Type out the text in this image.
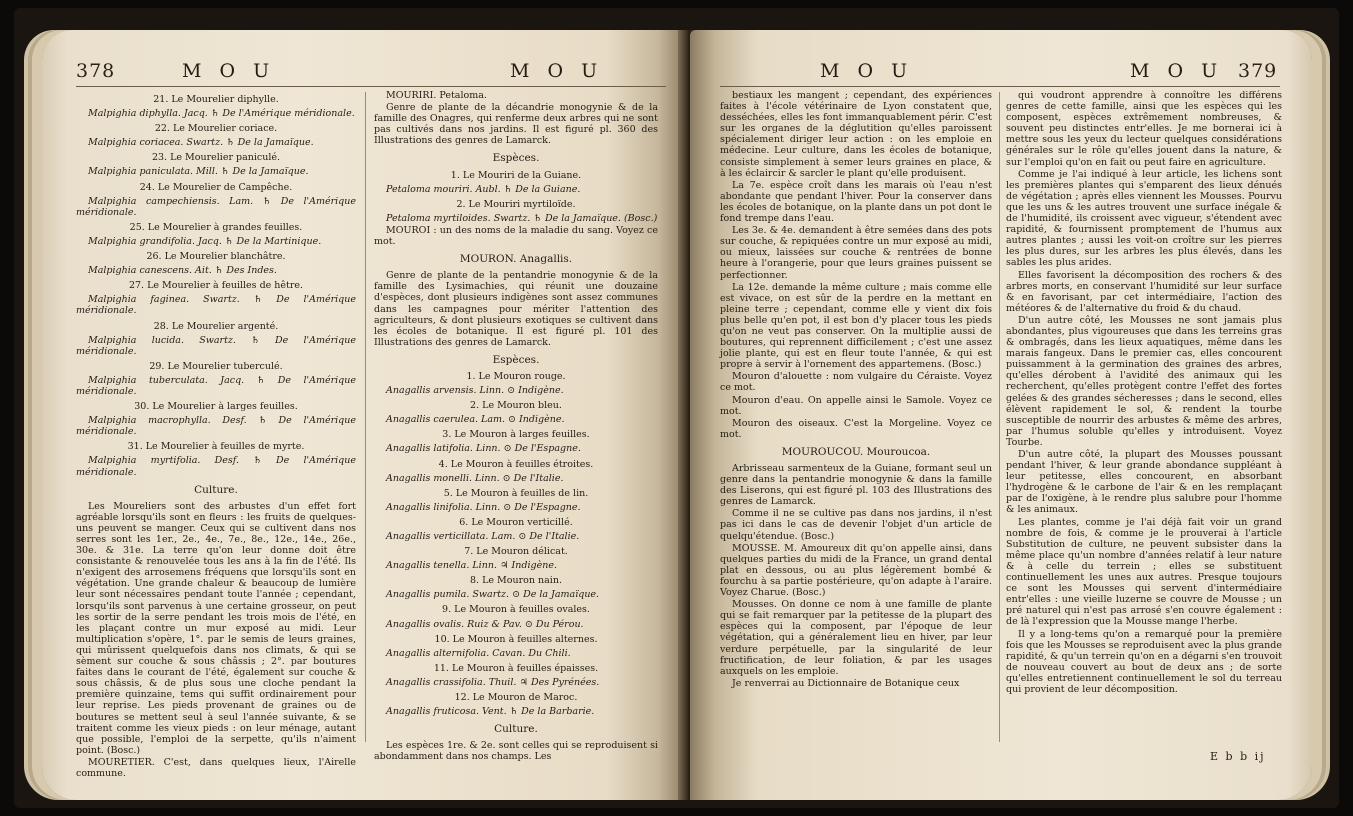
378	M O U	M O U

21. Le Mourelier diphylle.

Malpighia diphylla. Jacq. ♄ De l'Amérique méridionale.

22. Le Mourelier coriace.

Malpighia coriacea. Swartz. ♄ De la Jamaïque.

23. Le Mourelier paniculé.

Malpighia paniculata. Mill. ♄ De la Jamaïque.

24. Le Mourelier de Campêche.

Malpighia campechiensis. Lam. ♄ De l'Amérique méridionale.

25. Le Mourelier à grandes feuilles.

Malpighia grandifolia. Jacq. ♄ De la Martinique.

26. Le Mourelier blanchâtre.

Malpighia canescens. Ait. ♄ Des Indes.

27. Le Mourelier à feuilles de hêtre.

Malpighia faginea. Swartz. ♄ De l'Amérique méridionale.

28. Le Mourelier argenté.

Malpighia lucida. Swartz. ♄ De l'Amérique méridionale.

29. Le Mourelier tuberculé.

Malpighia tuberculata. Jacq. ♄ De l'Amérique méridionale.

30. Le Mourelier à larges feuilles.

Malpighia macrophylla. Desf. ♄ De l'Amérique méridionale.

31. Le Mourelier à feuilles de myrte.

Malpighia myrtifolia. Desf. ♄ De l'Amérique méridionale.

Culture.

Les Moureliers sont des arbustes d'un effet fort agréable lorsqu'ils sont en fleurs : les fruits de quelques-uns peuvent se manger. Ceux qui se cultivent dans nos serres sont les 1er., 2e., 4e., 7e., 8e., 12e., 14e., 26e., 30e. & 31e. La terre qu'on leur donne doit être consistante & renouvelée tous les ans à la fin de l'été. Ils n'exigent des arrosemens fréquens que lorsqu'ils sont en végétation. Une grande chaleur & beaucoup de lumière leur sont nécessaires pendant toute l'année ; cependant, lorsqu'ils sont parvenus à une certaine grosseur, on peut les sortir de la serre pendant les trois mois de l'été, en les plaçant contre un mur exposé au midi. Leur multiplication s'opère, 1°. par le semis de leurs graines, qui mûrissent quelquefois dans nos climats, & qui se sèment sur couche & sous châssis ; 2°. par boutures faites dans le courant de l'été, également sur couche & sous châssis, & de plus sous une cloche pendant la première quinzaine, tems qui suffit ordinairement pour leur reprise. Les pieds provenant de graines ou de boutures se mettent seul à seul l'année suivante, & se traitent comme les vieux pieds : on leur ménage, autant que possible, l'emploi de la serpette, qu'ils n'aiment point. (Bosc.)

MOURETIER. C'est, dans quelques lieux, l'Airelle commune.

MOURIRI. Petaloma.

Genre de plante de la décandrie monogynie & de la famille des Onagres, qui renferme deux arbres qui ne sont pas cultivés dans nos jardins. Il est figuré pl. 360 des Illustrations des genres de Lamarck.

Espèces.

1. Le Mouriri de la Guiane.

Petaloma mouriri. Aubl. ♄ De la Guiane.

2. Le Mouriri myrtiloïde.

Petaloma myrtiloides. Swartz. ♄ De la Jamaïque. (Bosc.)

MOUROI : un des noms de la maladie du sang. Voyez ce mot.

MOURON. Anagallis.

Genre de plante de la pentandrie monogynie & de la famille des Lysimachies, qui réunit une douzaine d'espèces, dont plusieurs indigènes sont assez communes dans les campagnes pour mériter l'attention des agriculteurs, & dont plusieurs exotiques se cultivent dans les écoles de botanique. Il est figuré pl. 101 des Illustrations des genres de Lamarck.

Espèces.

1. Le Mouron rouge.

Anagallis arvensis. Linn. ⊙ Indigène.

2. Le Mouron bleu.

Anagallis caerulea. Lam. ⊙ Indigène.

3. Le Mouron à larges feuilles.

Anagallis latifolia. Linn. ⊙ De l'Espagne.

4. Le Mouron à feuilles étroites.

Anagallis monelli. Linn. ⊙ De l'Italie.

5. Le Mouron à feuilles de lin.

Anagallis linifolia. Linn. ⊙ De l'Espagne.

6. Le Mouron verticillé.

Anagallis verticillata. Lam. ⊙ De l'Italie.

7. Le Mouron délicat.

Anagallis tenella. Linn. ♃ Indigène.

8. Le Mouron nain.

Anagallis pumila. Swartz. ⊙ De la Jamaïque.

9. Le Mouron à feuilles ovales.

Anagallis ovalis. Ruiz & Pav. ⊙ Du Pérou.

10. Le Mouron à feuilles alternes.

Anagallis alternifolia. Cavan. Du Chili.

11. Le Mouron à feuilles épaisses.

Anagallis crassifolia. Thuil. ♃ Des Pyrénées.

12. Le Mouron de Maroc.

Anagallis fruticosa. Vent. ♄ De la Barbarie.

Culture.

Les espèces 1re. & 2e. sont celles qui se reproduisent si abondamment dans nos champs. Les

M O U	M O U 379

bestiaux les mangent ; cependant, des expériences faites à l'école vétérinaire de Lyon constatent que, desséchées, elles les font immanquablement périr. C'est sur les organes de la déglutition qu'elles paroissent spécialement diriger leur action : on les emploie en médecine. Leur culture, dans les écoles de botanique, consiste simplement à semer leurs graines en place, & à les éclaircir & sarcler le plant qu'elle produisent.

La 7e. espèce croît dans les marais où l'eau n'est abondante que pendant l'hiver. Pour la conserver dans les écoles de botanique, on la plante dans un pot dont le fond trempe dans l'eau.

Les 3e. & 4e. demandent à être semées dans des pots sur couche, & repiquées contre un mur exposé au midi, ou mieux, laissées sur couche & rentrées de bonne heure à l'orangerie, pour que leurs graines puissent se perfectionner.

La 12e. demande la même culture ; mais comme elle est vivace, on est sûr de la perdre en la mettant en pleine terre ; cependant, comme elle y vient dix fois plus belle qu'en pot, il est bon d'y placer tous les pieds qu'on ne veut pas conserver. On la multiplie aussi de boutures, qui reprennent difficilement ; c'est une assez jolie plante, qui est en fleur toute l'année, & qui est propre à servir à l'ornement des appartemens. (Bosc.)

Mouron d'alouette : nom vulgaire du Céraiste. Voyez ce mot.

Mouron d'eau. On appelle ainsi le Samole. Voyez ce mot.

Mouron des oiseaux. C'est la Morgeline. Voyez ce mot.

MOUROUCOU. Mouroucoa.

Arbrisseau sarmenteux de la Guiane, formant seul un genre dans la pentandrie monogynie & dans la famille des Liserons, qui est figuré pl. 103 des Illustrations des genres de Lamarck.

Comme il ne se cultive pas dans nos jardins, il n'est pas ici dans le cas de devenir l'objet d'un article de quelqu'étendue. (Bosc.)

MOUSSE. M. Amoureux dit qu'on appelle ainsi, dans quelques parties du midi de la France, un grand dental plat en dessous, ou au plus légèrement bombé & fourchu à sa partie postérieure, qu'on adapte à l'araire. Voyez Charue. (Bosc.)

Mousses. On donne ce nom à une famille de plante qui se fait remarquer par la petitesse de la plupart des espèces qui la composent, par l'époque de leur végétation, qui a généralement lieu en hiver, par leur verdure perpétuelle, par la singularité de leur fructification, de leur foliation, & par les usages auxquels on les emploie.

Je renverrai au Dictionnaire de Botanique ceux

qui voudront apprendre à connoître les différens genres de cette famille, ainsi que les espèces qui les composent, espèces extrêmement nombreuses, & souvent peu distinctes entr'elles. Je me bornerai ici à mettre sous les yeux du lecteur quelques considérations générales sur le rôle qu'elles jouent dans la nature, & sur l'emploi qu'on en fait ou peut faire en agriculture.

Comme je l'ai indiqué à leur article, les lichens sont les premières plantes qui s'emparent des lieux dénués de végétation ; après elles viennent les Mousses. Pourvu que les uns & les autres trouvent une surface inégale & de l'humidité, ils croissent avec vigueur, s'étendent avec rapidité, & fournissent promptement de l'humus aux autres plantes ; aussi les voit-on croître sur les pierres les plus dures, sur les arbres les plus élevés, dans les sables les plus arides.

Elles favorisent la décomposition des rochers & des arbres morts, en conservant l'humidité sur leur surface & en favorisant, par cet intermédiaire, l'action des météores & de l'alternative du froid & du chaud.

D'un autre côté, les Mousses ne sont jamais plus abondantes, plus vigoureuses que dans les terreins gras & ombragés, dans les lieux aquatiques, même dans les marais fangeux. Dans le premier cas, elles concourent puissamment à la germination des graines des arbres, qu'elles dérobent à l'avidité des animaux qui les recherchent, qu'elles protègent contre l'effet des fortes gelées & des grandes sécheresses ; dans le second, elles élèvent rapidement le sol, & rendent la tourbe susceptible de nourrir des arbustes & même des arbres, par l'humus soluble qu'elles y introduisent. Voyez Tourbe.

D'un autre côté, la plupart des Mousses poussant pendant l'hiver, & leur grande abondance suppléant à leur petitesse, elles concourent, en absorbant l'hydrogène & le carbone de l'air & en les remplaçant par de l'oxigène, à le rendre plus salubre pour l'homme & les animaux.

Les plantes, comme je l'ai déjà fait voir un grand nombre de fois, & comme je le prouverai à l'article Substitution de culture, ne peuvent subsister dans la même place qu'un nombre d'années relatif à leur nature & à celle du terrein ; elles se substituent continuellement les unes aux autres. Presque toujours ce sont les Mousses qui servent d'intermédiaire entr'elles : une vieille luzerne se couvre de Mousse ; un pré naturel qui n'est pas arrosé s'en couvre également : de là l'expression que la Mousse mange l'herbe.

Il y a long-tems qu'on a remarqué pour la première fois que les Mousses se reproduisent avec la plus grande rapidité, & qu'un terrein qu'on en a dégarni s'en trouvoit de nouveau couvert au bout de deux ans ; de sorte qu'elles entretiennent continuellement le sol du terreau qui provient de leur décomposition.

E b b ij
